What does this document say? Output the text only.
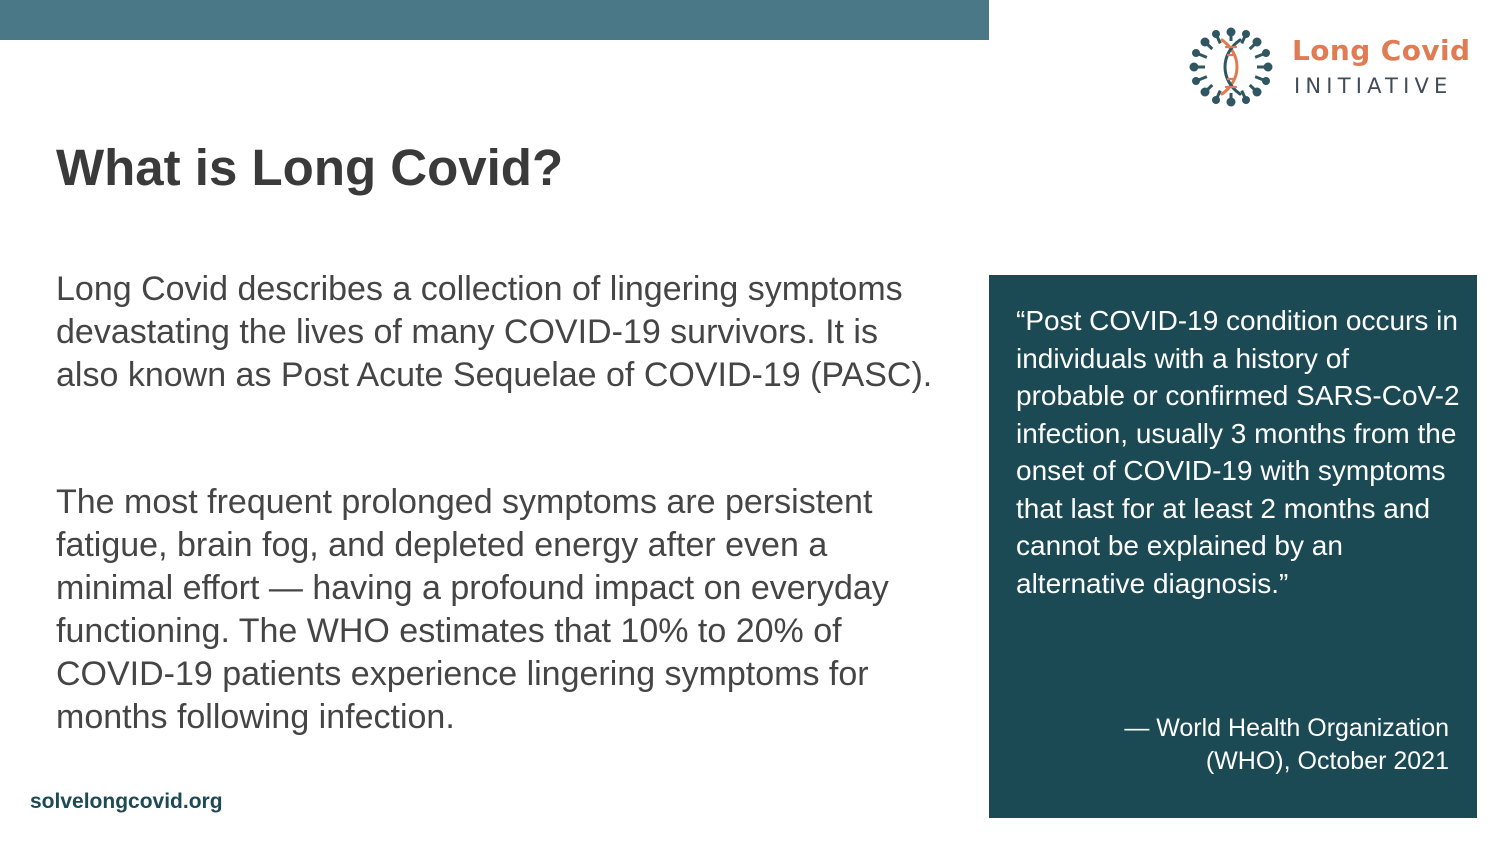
Long Covid
INITIATIVE
What is Long Covid?

Long Covid describes a collection of lingering symptoms devastating the lives of many COVID-19 survivors. It is also known as Post Acute Sequelae of COVID-19 (PASC).

The most frequent prolonged symptoms are persistent fatigue, brain fog, and depleted energy after even a minimal effort — having a profound impact on everyday functioning. The WHO estimates that 10% to 20% of COVID-19 patients experience lingering symptoms for months following infection.

solvelongcovid.org

“Post COVID-19 condition occurs in individuals with a history of probable or confirmed SARS-CoV-2 infection, usually 3 months from the onset of COVID-19 with symptoms that last for at least 2 months and cannot be explained by an alternative diagnosis.”

— World Health Organization
(WHO), October 2021
